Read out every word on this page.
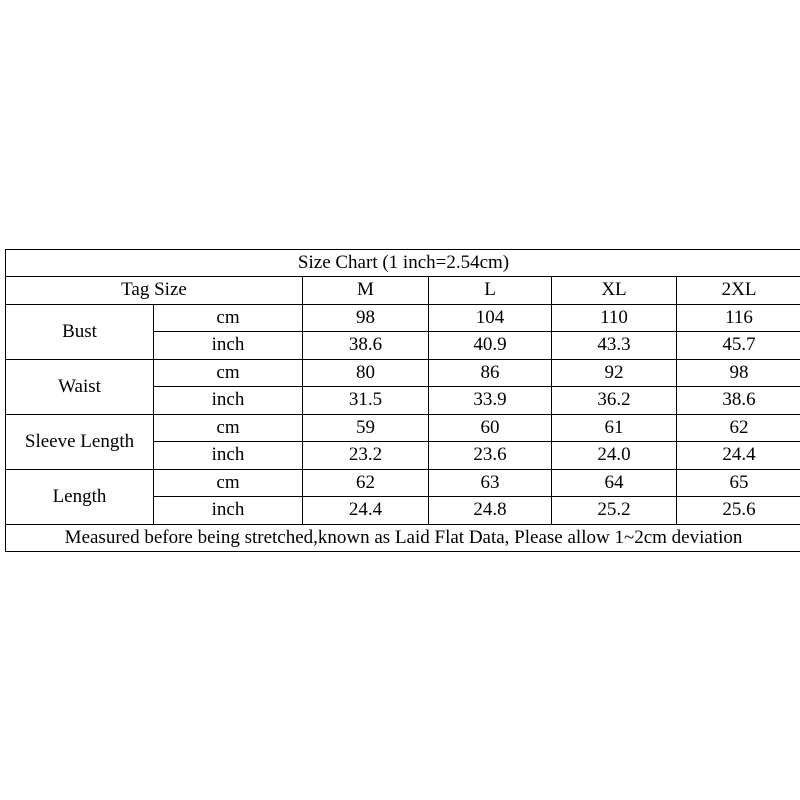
Size Chart (1 inch=2.54cm)					
Tag Size		M	L	XL	2XL
Bust	cm	98	104	110	116
	inch	38.6	40.9	43.3	45.7
Waist	cm	80	86	92	98
	inch	31.5	33.9	36.2	38.6
Sleeve Length	cm	59	60	61	62
	inch	23.2	23.6	24.0	24.4
Length	cm	62	63	64	65
	inch	24.4	24.8	25.2	25.6
Measured before being stretched,known as Laid Flat Data, Please allow 1~2cm deviation					
